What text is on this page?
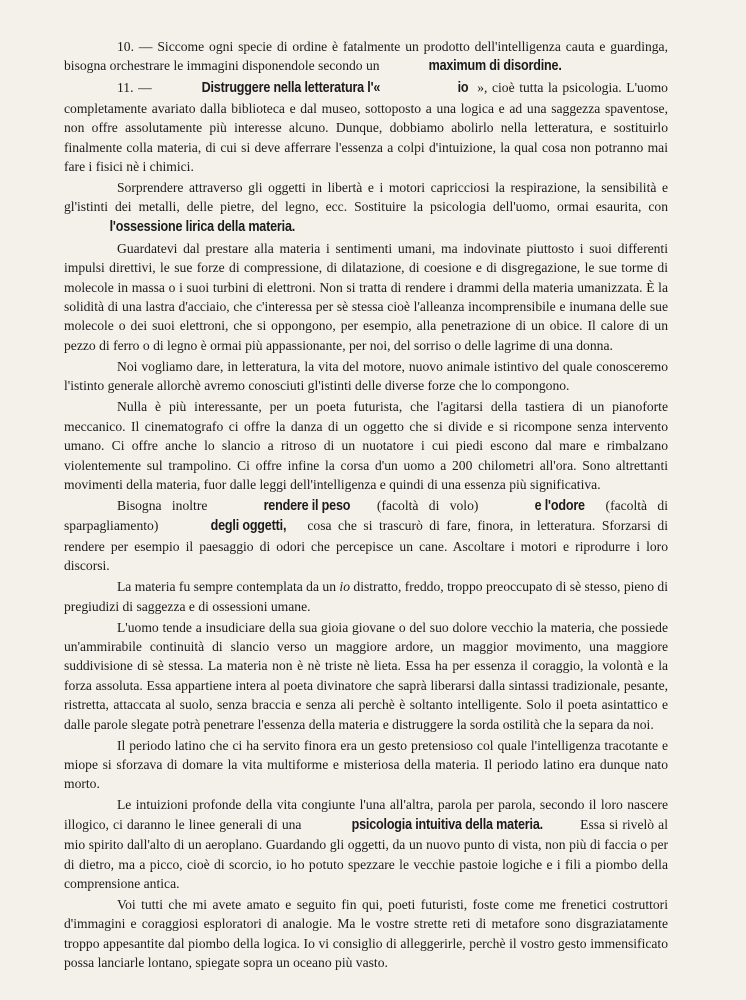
10. — Siccome ogni specie di ordine è fatalmente un prodotto dell'intelligenza cauta e guardinga, bisogna orchestrare le immagini disponendole secondo un	maximum di disordine.

11. —	Distruggere nella letteratura l'«	io », cioè tutta la psicologia. L'uomo completamente avariato dalla biblioteca e dal museo, sottoposto a una logica e ad una saggezza spaventose, non offre assolutamente più interesse alcuno. Dunque, dobbiamo abolirlo nella letteratura, e sostituirlo finalmente colla materia, di cui si deve afferrare l'essenza a colpi d'intuizione, la qual cosa non potranno mai fare i fisici nè i chimici.

Sorprendere attraverso gli oggetti in libertà e i motori capricciosi la respirazione, la sensibilità e gl'istinti dei metalli, delle pietre, del legno, ecc. Sostituire la psicologia dell'uomo, ormai esaurita, con l'ossessione lirica della materia.

Guardatevi dal prestare alla materia i sentimenti umani, ma indovinate piuttosto i suoi differenti impulsi direttivi, le sue forze di compressione, di dilatazione, di coesione e di disgregazione, le sue torme di molecole in massa o i suoi turbini di elettroni. Non si tratta di rendere i drammi della materia umanizzata. È la solidità di una lastra d'acciaio, che c'interessa per sè stessa cioè l'alleanza incomprensibile e inumana delle sue molecole o dei suoi elettroni, che si oppongono, per esempio, alla penetrazione di un obice. Il calore di un pezzo di ferro o di legno è ormai più appassionante, per noi, del sorriso o delle lagrime di una donna.

Noi vogliamo dare, in letteratura, la vita del motore, nuovo animale istintivo del quale conosceremo l'istinto generale allorchè avremo conosciuti gl'istinti delle diverse forze che lo compongono.

Nulla è più interessante, per un poeta futurista, che l'agitarsi della tastiera di un pianoforte meccanico. Il cinematografo ci offre la danza di un oggetto che si divide e si ricompone senza intervento umano. Ci offre anche lo slancio a ritroso di un nuotatore i cui piedi escono dal mare e rimbalzano violentemente sul trampolino. Ci offre infine la corsa d'un uomo a 200 chilometri all'ora. Sono altrettanti movimenti della materia, fuor dalle leggi dell'intelligenza e quindi di una essenza più significativa.

Bisogna inoltre	rendere il peso (facoltà di volo)	e l'odore (facoltà di sparpagliamento)	degli oggetti, cosa che si trascurò di fare, finora, in letteratura. Sforzarsi di rendere per esempio il paesaggio di odori che percepisce un cane. Ascoltare i motori e riprodurre i loro discorsi.

La materia fu sempre contemplata da un io distratto, freddo, troppo preoccupato di sè stesso, pieno di pregiudizi di saggezza e di ossessioni umane.

L'uomo tende a insudiciare della sua gioia giovane o del suo dolore vecchio la materia, che possiede un'ammirabile continuità di slancio verso un maggiore ardore, un maggior movimento, una maggiore suddivisione di sè stessa. La materia non è nè triste nè lieta. Essa ha per essenza il coraggio, la volontà e la forza assoluta. Essa appartiene intera al poeta divinatore che saprà liberarsi dalla sintassi tradizionale, pesante, ristretta, attaccata al suolo, senza braccia e senza ali perchè è soltanto intelligente. Solo il poeta asintattico e dalle parole slegate potrà penetrare l'essenza della materia e distruggere la sorda ostilità che la separa da noi.

Il periodo latino che ci ha servito finora era un gesto pretensioso col quale l'intelligenza tracotante e miope si sforzava di domare la vita multiforme e misteriosa della materia. Il periodo latino era dunque nato morto.

Le intuizioni profonde della vita congiunte l'una all'altra, parola per parola, secondo il loro nascere illogico, ci daranno le linee generali di una	psicologia intuitiva della materia. Essa si rivelò al mio spirito dall'alto di un aeroplano. Guardando gli oggetti, da un nuovo punto di vista, non più di faccia o per di dietro, ma a picco, cioè di scorcio, io ho potuto spezzare le vecchie pastoie logiche e i fili a piombo della comprensione antica.

Voi tutti che mi avete amato e seguito fin qui, poeti futuristi, foste come me frenetici costruttori d'immagini e coraggiosi esploratori di analogie. Ma le vostre strette reti di metafore sono disgraziatamente troppo appesantite dal piombo della logica. Io vi consiglio di alleggerirle, perchè il vostro gesto immensificato possa lanciarle lontano, spiegate sopra un oceano più vasto.
